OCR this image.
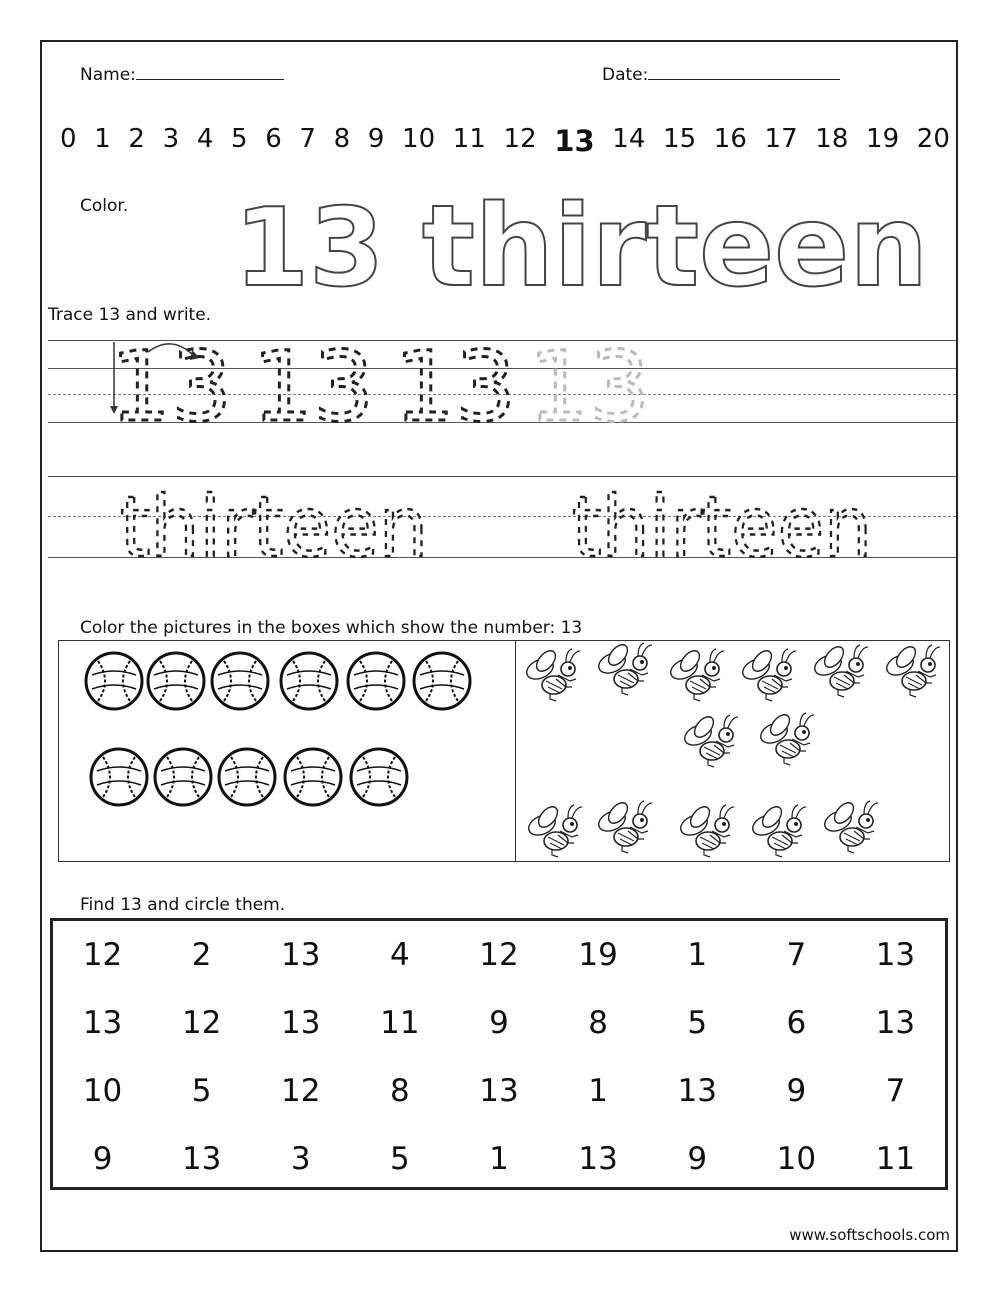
Name:	Date:
0 1 2 3 4 5 6 7 8 9 10 11 12 13 14 15 16 17 18 19 20
Color. 13 thirteen
Trace 13 and write.
13 13 13 13
thirteen thirteen
Color the pictures in the boxes which show the number: 13
Find 13 and circle them.
12	2	13	4	12	19	1	7	13
13	12	13	11	9	8	5	6	13
10	5	12	8	13	1	13	9	7
9	13	3	5	1	13	9	10	11
www.softschools.com
